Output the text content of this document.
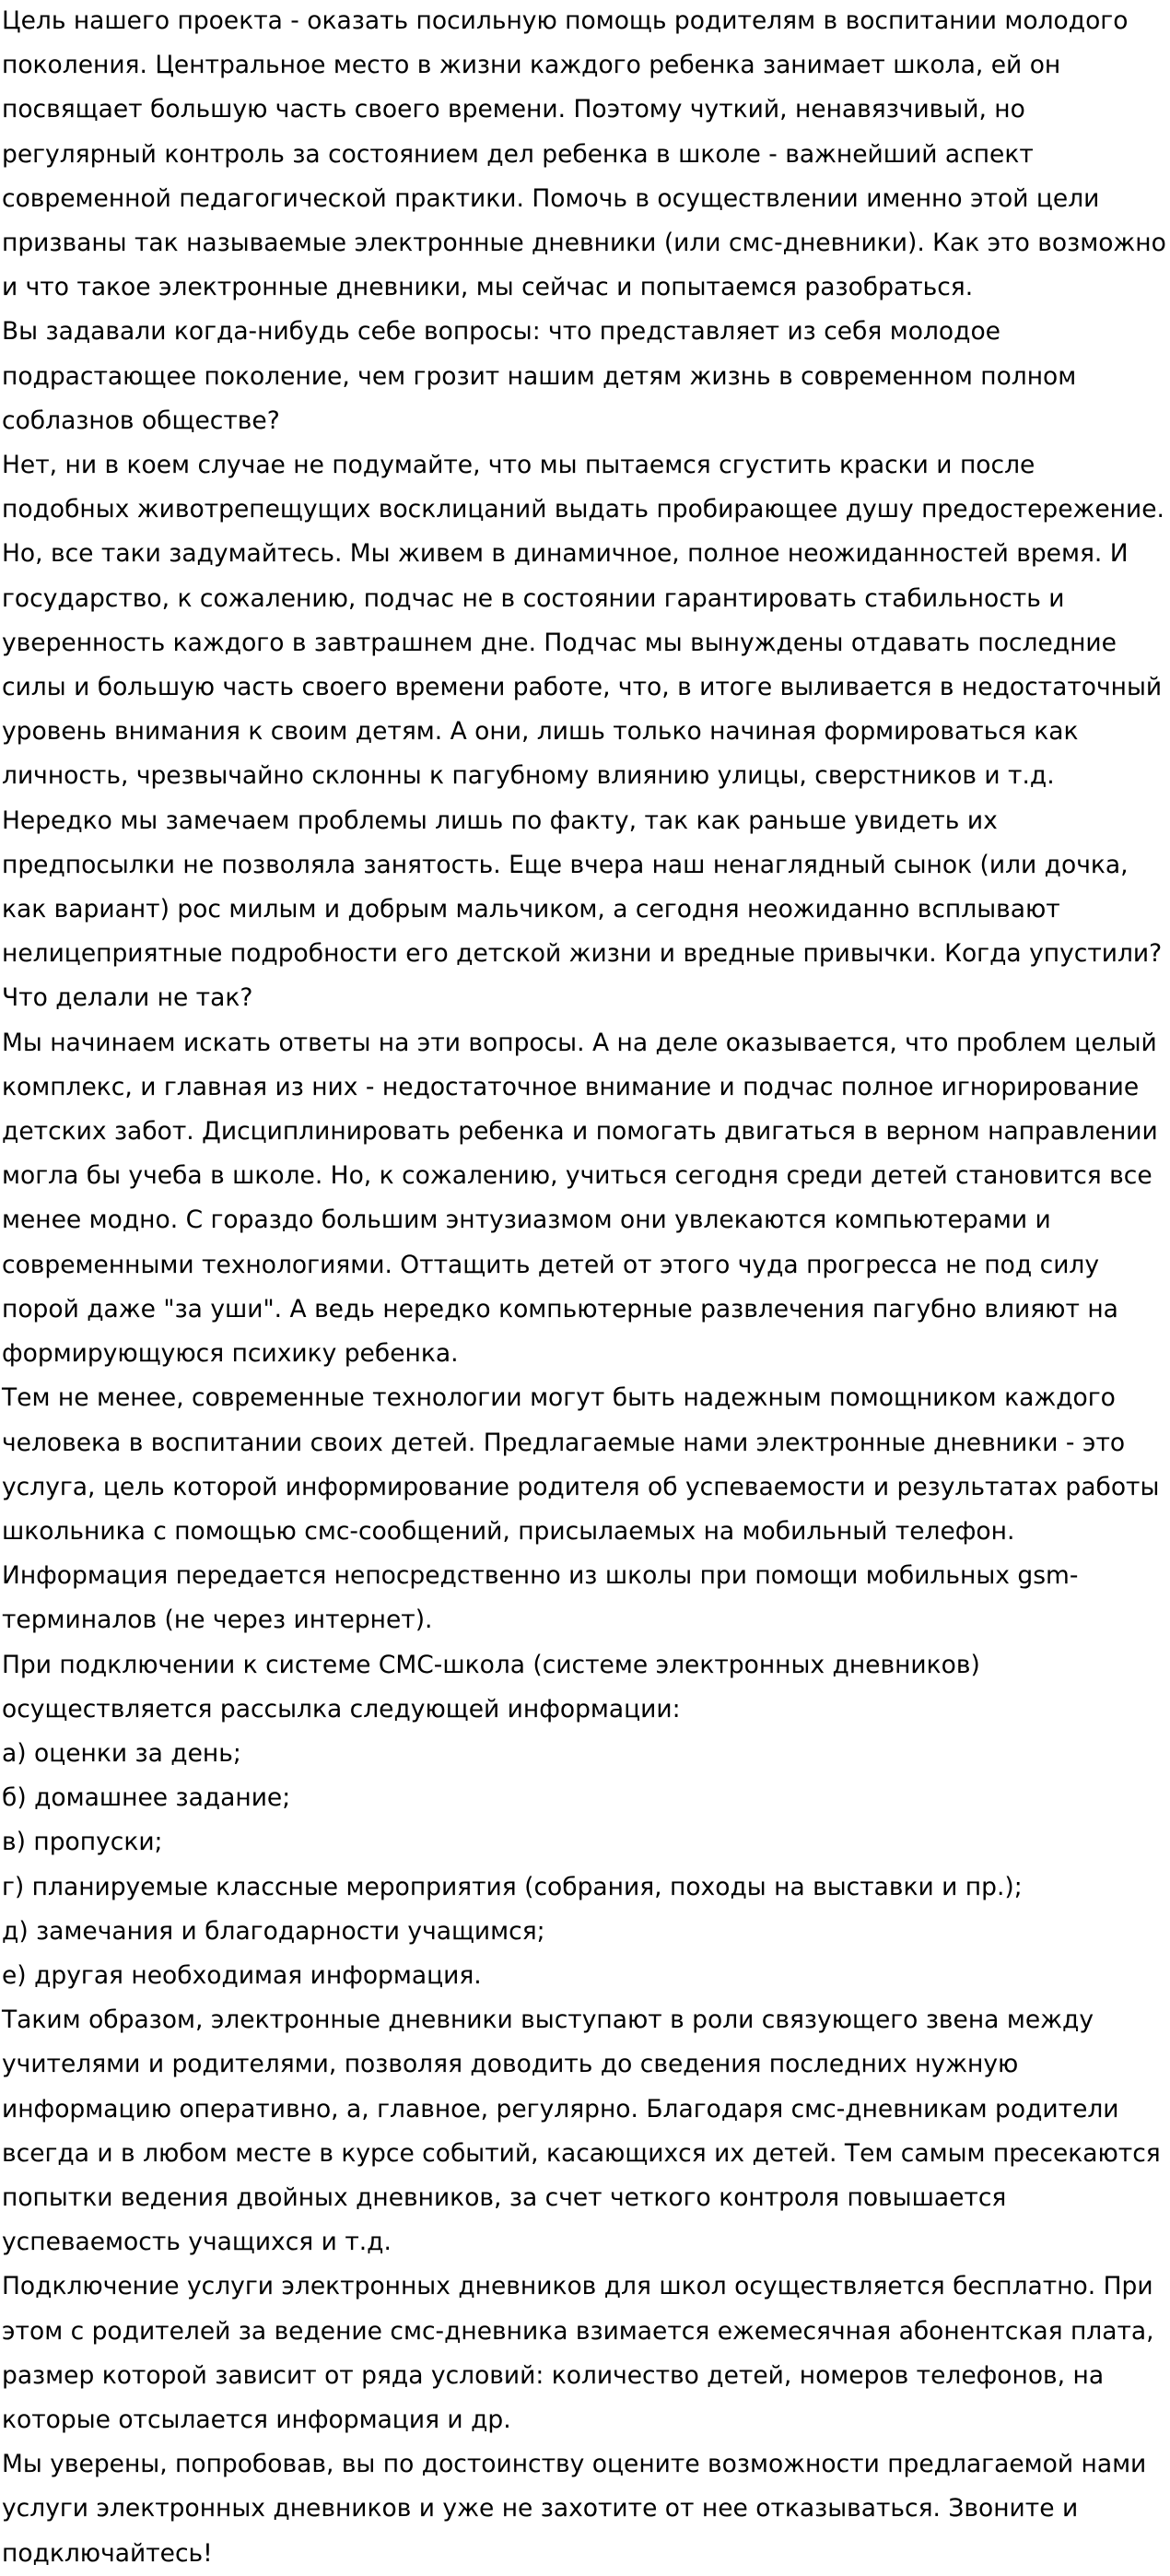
Цель нашего проекта - оказать посильную помощь родителям в воспитании молодого поколения. Центральное место в жизни каждого ребенка занимает школа, ей он посвящает большую часть своего времени. Поэтому чуткий, ненавязчивый, но регулярный контроль за состоянием дел ребенка в школе - важнейший аспект современной педагогической практики. Помочь в осуществлении именно этой цели призваны так называемые электронные дневники (или смс-дневники). Как это возможно и что такое электронные дневники, мы сейчас и попытаемся разобраться.

Вы задавали когда-нибудь себе вопросы: что представляет из себя молодое подрастающее поколение, чем грозит нашим детям жизнь в современном полном соблазнов обществе?

Нет, ни в коем случае не подумайте, что мы пытаемся сгустить краски и после подобных животрепещущих восклицаний выдать пробирающее душу предостережение. Но, все таки задумайтесь. Мы живем в динамичное, полное неожиданностей время. И государство, к сожалению, подчас не в состоянии гарантировать стабильность и уверенность каждого в завтрашнем дне. Подчас мы вынуждены отдавать последние силы и большую часть своего времени работе, что, в итоге выливается в недостаточный уровень внимания к своим детям. А они, лишь только начиная формироваться как личность, чрезвычайно склонны к пагубному влиянию улицы, сверстников и т.д. Нередко мы замечаем проблемы лишь по факту, так как раньше увидеть их предпосылки не позволяла занятость. Еще вчера наш ненаглядный сынок (или дочка, как вариант) рос милым и добрым мальчиком, а сегодня неожиданно всплывают нелицеприятные подробности его детской жизни и вредные привычки. Когда упустили? Что делали не так?

Мы начинаем искать ответы на эти вопросы. А на деле оказывается, что проблем целый комплекс, и главная из них - недостаточное внимание и подчас полное игнорирование детских забот. Дисциплинировать ребенка и помогать двигаться в верном направлении могла бы учеба в школе. Но, к сожалению, учиться сегодня среди детей становится все менее модно. С гораздо большим энтузиазмом они увлекаются компьютерами и современными технологиями. Оттащить детей от этого чуда прогресса не под силу порой даже "за уши". А ведь нередко компьютерные развлечения пагубно влияют на формирующуюся психику ребенка.

Тем не менее, современные технологии могут быть надежным помощником каждого человека в воспитании своих детей. Предлагаемые нами электронные дневники - это услуга, цель которой информирование родителя об успеваемости и результатах работы школьника с помощью смс-сообщений, присылаемых на мобильный телефон. Информация передается непосредственно из школы при помощи мобильных gsm-терминалов (не через интернет).

При подключении к системе СМС-школа (системе электронных дневников) осуществляется рассылка следующей информации:

а) оценки за день;

б) домашнее задание;

в) пропуски;

г) планируемые классные мероприятия (собрания, походы на выставки и пр.);

д) замечания и благодарности учащимся;

е) другая необходимая информация.

Таким образом, электронные дневники выступают в роли связующего звена между учителями и родителями, позволяя доводить до сведения последних нужную информацию оперативно, а, главное, регулярно. Благодаря смс-дневникам родители всегда и в любом месте в курсе событий, касающихся их детей. Тем самым пресекаются попытки ведения двойных дневников, за счет четкого контроля повышается успеваемость учащихся и т.д.

Подключение услуги электронных дневников для школ осуществляется бесплатно. При этом с родителей за ведение смс-дневника взимается ежемесячная абонентская плата, размер которой зависит от ряда условий: количество детей, номеров телефонов, на которые отсылается информация и др.

Мы уверены, попробовав, вы по достоинству оцените возможности предлагаемой нами услуги электронных дневников и уже не захотите от нее отказываться. Звоните и подключайтесь!
